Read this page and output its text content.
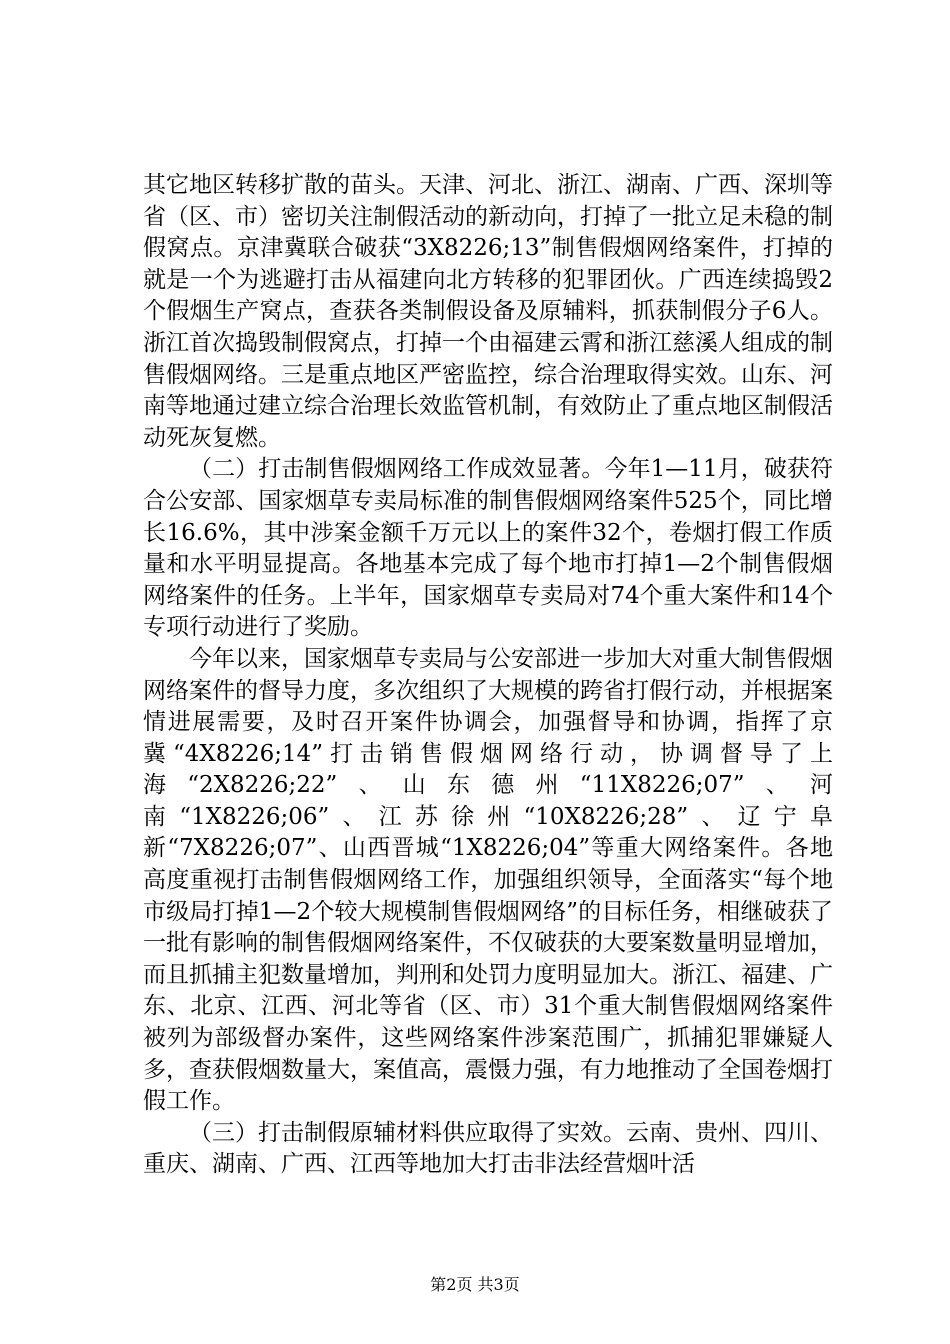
其它地区转移扩散的苗头。天津、河北、浙江、湖南、广西、深圳等省（区、市）密切关注制假活动的新动向，打掉了一批立足未稳的制假窝点。京津冀联合破获“3X8226;13”制售假烟网络案件，打掉的就是一个为逃避打击从福建向北方转移的犯罪团伙。广西连续捣毁2个假烟生产窝点，查获各类制假设备及原辅料，抓获制假分子6人。浙江首次捣毁制假窝点，打掉一个由福建云霄和浙江慈溪人组成的制售假烟网络。三是重点地区严密监控，综合治理取得实效。山东、河南等地通过建立综合治理长效监管机制，有效防止了重点地区制假活动死灰复燃。

（二）打击制售假烟网络工作成效显著。今年1—11月，破获符合公安部、国家烟草专卖局标准的制售假烟网络案件525个，同比增长16.6%，其中涉案金额千万元以上的案件32个，卷烟打假工作质量和水平明显提高。各地基本完成了每个地市打掉1—2个制售假烟网络案件的任务。上半年，国家烟草专卖局对74个重大案件和14个专项行动进行了奖励。

今年以来，国家烟草专卖局与公安部进一步加大对重大制售假烟网络案件的督导力度，多次组织了大规模的跨省打假行动，并根据案情进展需要，及时召开案件协调会，加强督导和协调，指挥了京冀“4X8226;14”打击销售假烟网络行动，协调督导了上海“2X8226;22”、山东德州“11X8226;07”、河南“1X8226;06”、江苏徐州“10X8226;28”、辽宁阜新“7X8226;07”、山西晋城“1X8226;04”等重大网络案件。各地高度重视打击制售假烟网络工作，加强组织领导，全面落实“每个地市级局打掉1—2个较大规模制售假烟网络”的目标任务，相继破获了一批有影响的制售假烟网络案件，不仅破获的大要案数量明显增加，而且抓捕主犯数量增加，判刑和处罚力度明显加大。浙江、福建、广东、北京、江西、河北等省（区、市）31个重大制售假烟网络案件被列为部级督办案件，这些网络案件涉案范围广，抓捕犯罪嫌疑人多，查获假烟数量大，案值高，震慑力强，有力地推动了全国卷烟打假工作。

（三）打击制假原辅材料供应取得了实效。云南、贵州、四川、重庆、湖南、广西、江西等地加大打击非法经营烟叶活

第2页 共3页
